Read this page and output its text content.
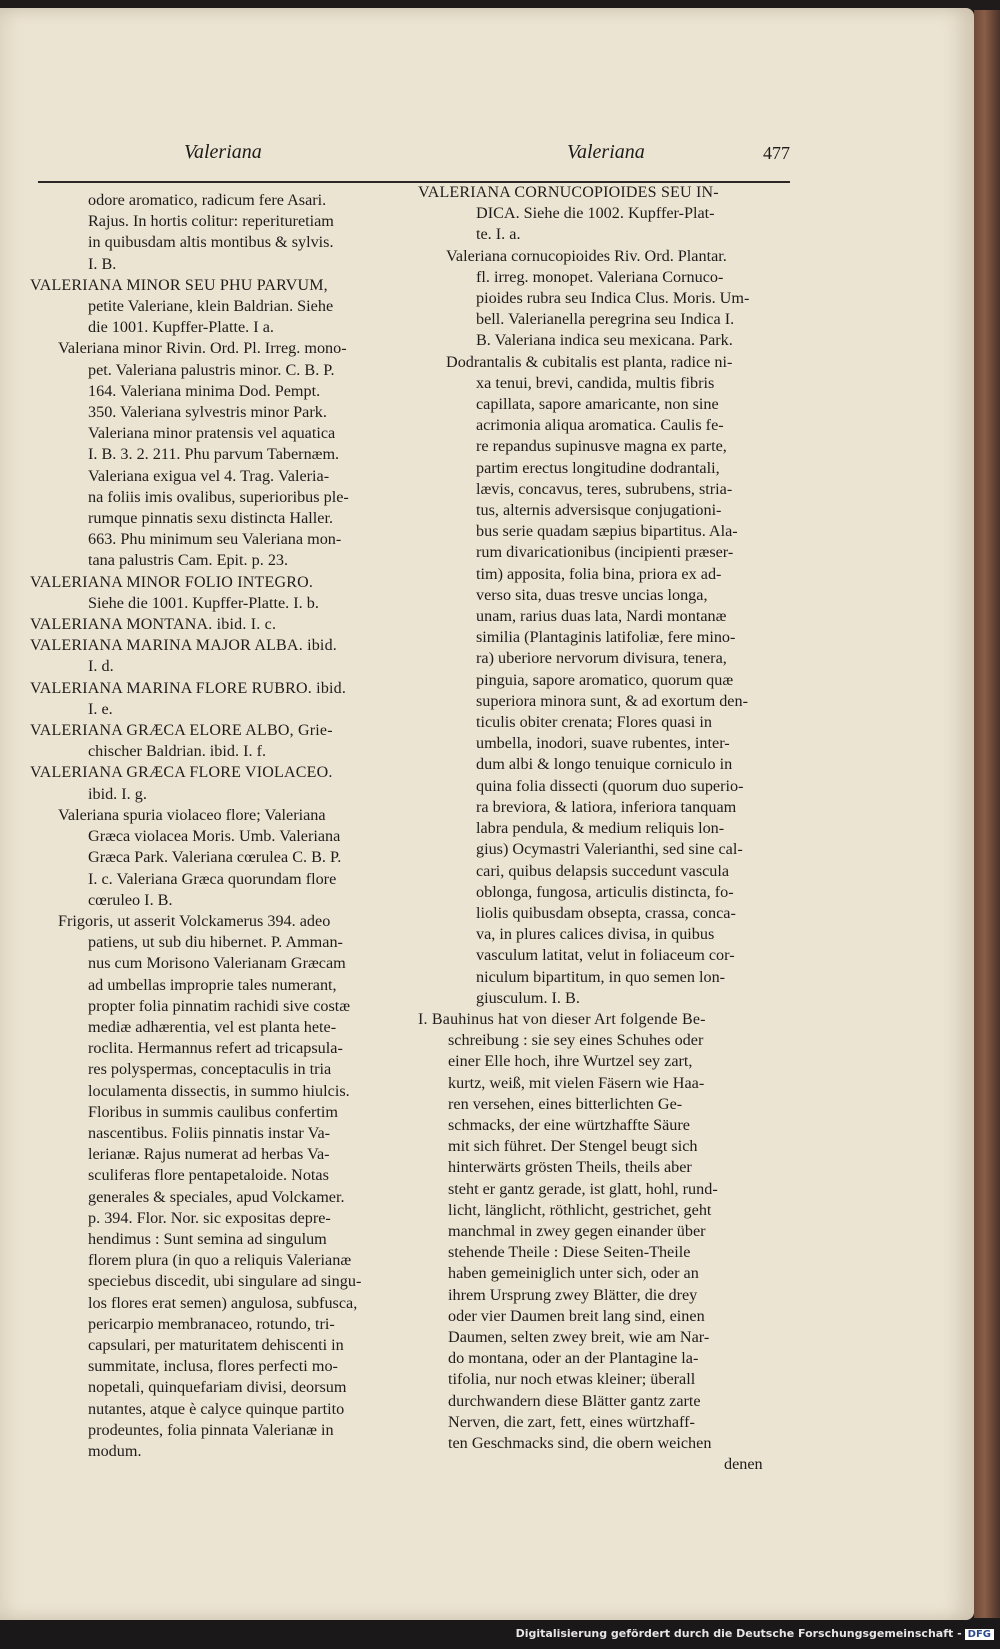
Valeriana	Valeriana	477

odore aromatico, radicum fere Asari.

Rajus. In hortis colitur: reperituretiam

in quibusdam altis montibus & sylvis.

I. B.

VALERIANA MINOR SEU PHU PARVUM,

petite Valeriane, klein Baldrian. Siehe

die 1001. Kupffer-Platte. I a.

Valeriana minor Rivin. Ord. Pl. Irreg. mono-

pet. Valeriana palustris minor. C. B. P.

164. Valeriana minima Dod. Pempt.

350. Valeriana sylvestris minor Park.

Valeriana minor pratensis vel aquatica

I. B. 3. 2. 211. Phu parvum Tabernæm.

Valeriana exigua vel 4. Trag. Valeria-

na foliis imis ovalibus, superioribus ple-

rumque pinnatis sexu distincta Haller.

663. Phu minimum seu Valeriana mon-

tana palustris Cam. Epit. p. 23.

VALERIANA MINOR FOLIO INTEGRO.

Siehe die 1001. Kupffer-Platte. I. b.

VALERIANA MONTANA. ibid. I. c.

VALERIANA MARINA MAJOR ALBA. ibid.

I. d.

VALERIANA MARINA FLORE RUBRO. ibid.

I. e.

VALERIANA GRÆCA ELORE ALBO, Grie-

chischer Baldrian. ibid. I. f.

VALERIANA GRÆCA FLORE VIOLACEO.

ibid. I. g.

Valeriana spuria violaceo flore; Valeriana

Græca violacea Moris. Umb. Valeriana

Græca Park. Valeriana cœrulea C. B. P.

I. c. Valeriana Græca quorundam flore

cœruleo I. B.

Frigoris, ut asserit Volckamerus 394. adeo

patiens, ut sub diu hibernet. P. Amman-

nus cum Morisono Valerianam Græcam

ad umbellas improprie tales numerant,

propter folia pinnatim rachidi sive costæ

mediæ adhærentia, vel est planta hete-

roclita. Hermannus refert ad tricapsula-

res polyspermas, conceptaculis in tria

loculamenta dissectis, in summo hiulcis.

Floribus in summis caulibus confertim

nascentibus. Foliis pinnatis instar Va-

lerianæ. Rajus numerat ad herbas Va-

sculiferas flore pentapetaloide. Notas

generales & speciales, apud Volckamer.

p. 394. Flor. Nor. sic expositas depre-

hendimus : Sunt semina ad singulum

florem plura (in quo a reliquis Valerianæ

speciebus discedit, ubi singulare ad singu-

los flores erat semen) angulosa, subfusca,

pericarpio membranaceo, rotundo, tri-

capsulari, per maturitatem dehiscenti in

summitate, inclusa, flores perfecti mo-

nopetali, quinquefariam divisi, deorsum

nutantes, atque è calyce quinque partito

prodeuntes, folia pinnata Valerianæ in

modum.

VALERIANA CORNUCOPIOIDES SEU IN-

DICA. Siehe die 1002. Kupffer-Plat-

te. I. a.

Valeriana cornucopioides Riv. Ord. Plantar.

fl. irreg. monopet. Valeriana Cornuco-

pioides rubra seu Indica Clus. Moris. Um-

bell. Valerianella peregrina seu Indica I.

B. Valeriana indica seu mexicana. Park.

Dodrantalis & cubitalis est planta, radice ni-

xa tenui, brevi, candida, multis fibris

capillata, sapore amaricante, non sine

acrimonia aliqua aromatica. Caulis fe-

re repandus supinusve magna ex parte,

partim erectus longitudine dodrantali,

lævis, concavus, teres, subrubens, stria-

tus, alternis adversisque conjugationi-

bus serie quadam sæpius bipartitus. Ala-

rum divaricationibus (incipienti præser-

tim) apposita, folia bina, priora ex ad-

verso sita, duas tresve uncias longa,

unam, rarius duas lata, Nardi montanæ

similia (Plantaginis latifoliæ, fere mino-

ra) uberiore nervorum divisura, tenera,

pinguia, sapore aromatico, quorum quæ

superiora minora sunt, & ad exortum den-

ticulis obiter crenata; Flores quasi in

umbella, inodori, suave rubentes, inter-

dum albi & longo tenuique corniculo in

quina folia dissecti (quorum duo superio-

ra breviora, & latiora, inferiora tanquam

labra pendula, & medium reliquis lon-

gius) Ocymastri Valerianthi, sed sine cal-

cari, quibus delapsis succedunt vascula

oblonga, fungosa, articulis distincta, fo-

liolis quibusdam obsepta, crassa, conca-

va, in plures calices divisa, in quibus

vasculum latitat, velut in foliaceum cor-

niculum bipartitum, in quo semen lon-

giusculum. I. B.

I. Bauhinus hat von dieser Art folgende Be-

schreibung : sie sey eines Schuhes oder

einer Elle hoch, ihre Wurtzel sey zart,

kurtz, weiß, mit vielen Fäsern wie Haa-

ren versehen, eines bitterlichten Ge-

schmacks, der eine würtzhaffte Säure

mit sich führet. Der Stengel beugt sich

hinterwärts grösten Theils, theils aber

steht er gantz gerade, ist glatt, hohl, rund-

licht, länglicht, röthlicht, gestrichet, geht

manchmal in zwey gegen einander über

stehende Theile : Diese Seiten-Theile

haben gemeiniglich unter sich, oder an

ihrem Ursprung zwey Blätter, die drey

oder vier Daumen breit lang sind, einen

Daumen, selten zwey breit, wie am Nar-

do montana, oder an der Plantagine la-

tifolia, nur noch etwas kleiner; überall

durchwandern diese Blätter gantz zarte

Nerven, die zart, fett, eines würtzhaff-

ten Geschmacks sind, die obern weichen

denen

Digitalisierung gefördert durch die Deutsche Forschungsgemeinschaft - DFG
